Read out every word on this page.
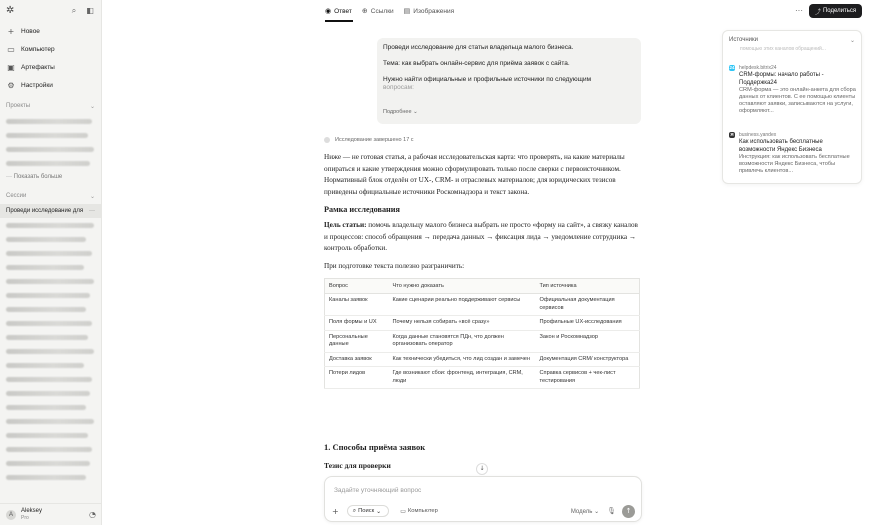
✲	⌕	◧
+ Новое
▭ Компьютер
▣ Артефакты
⚙ Настройки
Проекты	⌄
··· Показать больше
Сессии	⌄
Проведи исследование для ···
A
Aleksey
Pro	◔
◉ Ответ ⊕ Ссылки ▤ Изображения	··· ⤴ Поделиться

Проведи исследование для статьи владельца малого бизнеса.

Тема: как выбрать онлайн-сервис для приёма заявок с сайта.

Нужно найти официальные и профильные источники по следующим
вопросам:

Подробнее ⌄
Исследование завершено 17 с
Ниже — не готовая статья, а рабочая исследовательская карта: что проверять, на какие материалы опираться и какие утверждения можно сформулировать только после сверки с первоисточником. Нормативный блок отделён от UX-, CRM- и отраслевых материалов; для юридических тезисов приведены официальные источники Роскомнадзора и текст закона.
Рамка исследования
Цель статьи: помочь владельцу малого бизнеса выбрать не просто «форму на сайт», а связку каналов и процессов: способ обращения → передача данных → фиксация лида → уведомление сотрудника → контроль обработки.
При подготовке текста полезно разграничить:
Вопрос	Что нужно доказать	Тип источника
Каналы заявок	Какие сценарии реально поддерживают сервисы	Официальная документация сервисов
Поля формы и UX	Почему нельзя собирать «всё сразу»	Профильные UX-исследования
Персональные данные	Когда данные становятся ПДн, что должен организовать оператор	Закон и Роскомнадзор
Доставка заявок	Как технически убедиться, что лид создан и замечен	Документация CRM/ конструктора
Потери лидов	Где возникают сбои: фронтенд, интеграция, CRM, люди	Справка сервисов + чек-лист тестирования
1. Способы приёма заявок
Тезис для проверки	↓
Задайте уточняющий вопрос
+ ⌕ Поиск ⌄	▭ Компьютер	Модель ⌄ 🎙	↑
Источники	⌄
помощью этих каналов обращений...
24 helpdesk.bitrix24
CRM-формы: начало работы - Поддержка24
CRM-форма — это онлайн-анкета для сбора данных от клиентов. С ее помощью клиенты оставляют заявки, записываются на услуги, оформляют...
Я business.yandex
Как использовать бесплатные возможности Яндекс Бизнеса
Инструкция: как использовать бесплатные возможности Яндекс Бизнеса, чтобы привлечь клиентов...
